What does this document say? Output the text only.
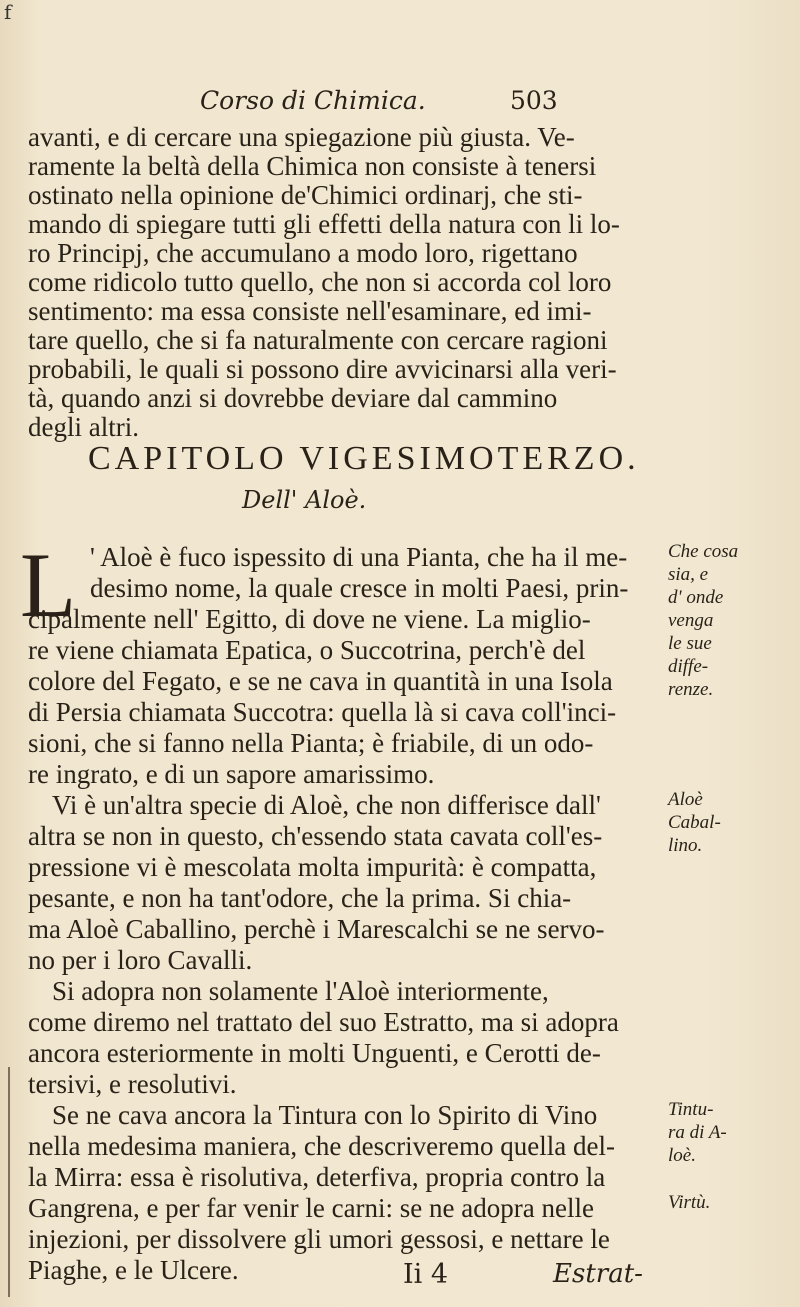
f
Corso di Chimica.	503
avanti, e di cercare una spiegazione più giusta. Ve-
ramente la beltà della Chimica non consiste à tenersi
ostinato nella opinione de'Chimici ordinarj, che sti-
mando di spiegare tutti gli effetti della natura con li lo-
ro Principj, che accumulano a modo loro, rigettano
come ridicolo tutto quello, che non si accorda col loro
sentimento: ma essa consiste nell'esaminare, ed imi-
tare quello, che si fa naturalmente con cercare ragioni
probabili, le quali si possono dire avvicinarsi alla veri-
tà, quando anzi si dovrebbe deviare dal cammino
CAPITOLO VIGESIMOTERZO.
Dell' Aloè.
L ' Aloè è fuco ispessito di una Pianta, che ha il me-
desimo nome, la quale cresce in molti Paesi, prin-
cipalmente nell' Egitto, di dove ne viene. La miglio-
re viene chiamata Epatica, o Succotrina, perch'è del
colore del Fegato, e se ne cava in quantità in una Isola
di Persia chiamata Succotra: quella là si cava coll'inci-
sioni, che si fanno nella Pianta; è friabile, di un odo-
re ingrato, e di un sapore amarissimo.
Vi è un'altra specie di Aloè, che non differisce dall'
altra se non in questo, ch'essendo stata cavata coll'es-
pressione vi è mescolata molta impurità: è compatta,
pesante, e non ha tant'odore, che la prima. Si chia-
ma Aloè Caballino, perchè i Marescalchi se ne servo-
no per i loro Cavalli.
Si adopra non solamente l'Aloè interiormente,
come diremo nel trattato del suo Estratto, ma si adopra
ancora esteriormente in molti Unguenti, e Cerotti de-
tersivi, e resolutivi.
Se ne cava ancora la Tintura con lo Spirito di Vino
nella medesima maniera, che descriveremo quella del-
la Mirra: essa è risolutiva, deterfiva, propria contro la
Gangrena, e per far venir le carni: se ne adopra nelle
injezioni, per dissolvere gli umori gessosi, e nettare le
Che cosa
sia, e
d' onde
venga
le sue
diffe-
renze.
Aloè
Cabal-
lino.
Tintu-
ra di A-
loè.
Virtù.
degli altri.
Piaghe, e le Ulcere.	Ii 4	Estrat-
